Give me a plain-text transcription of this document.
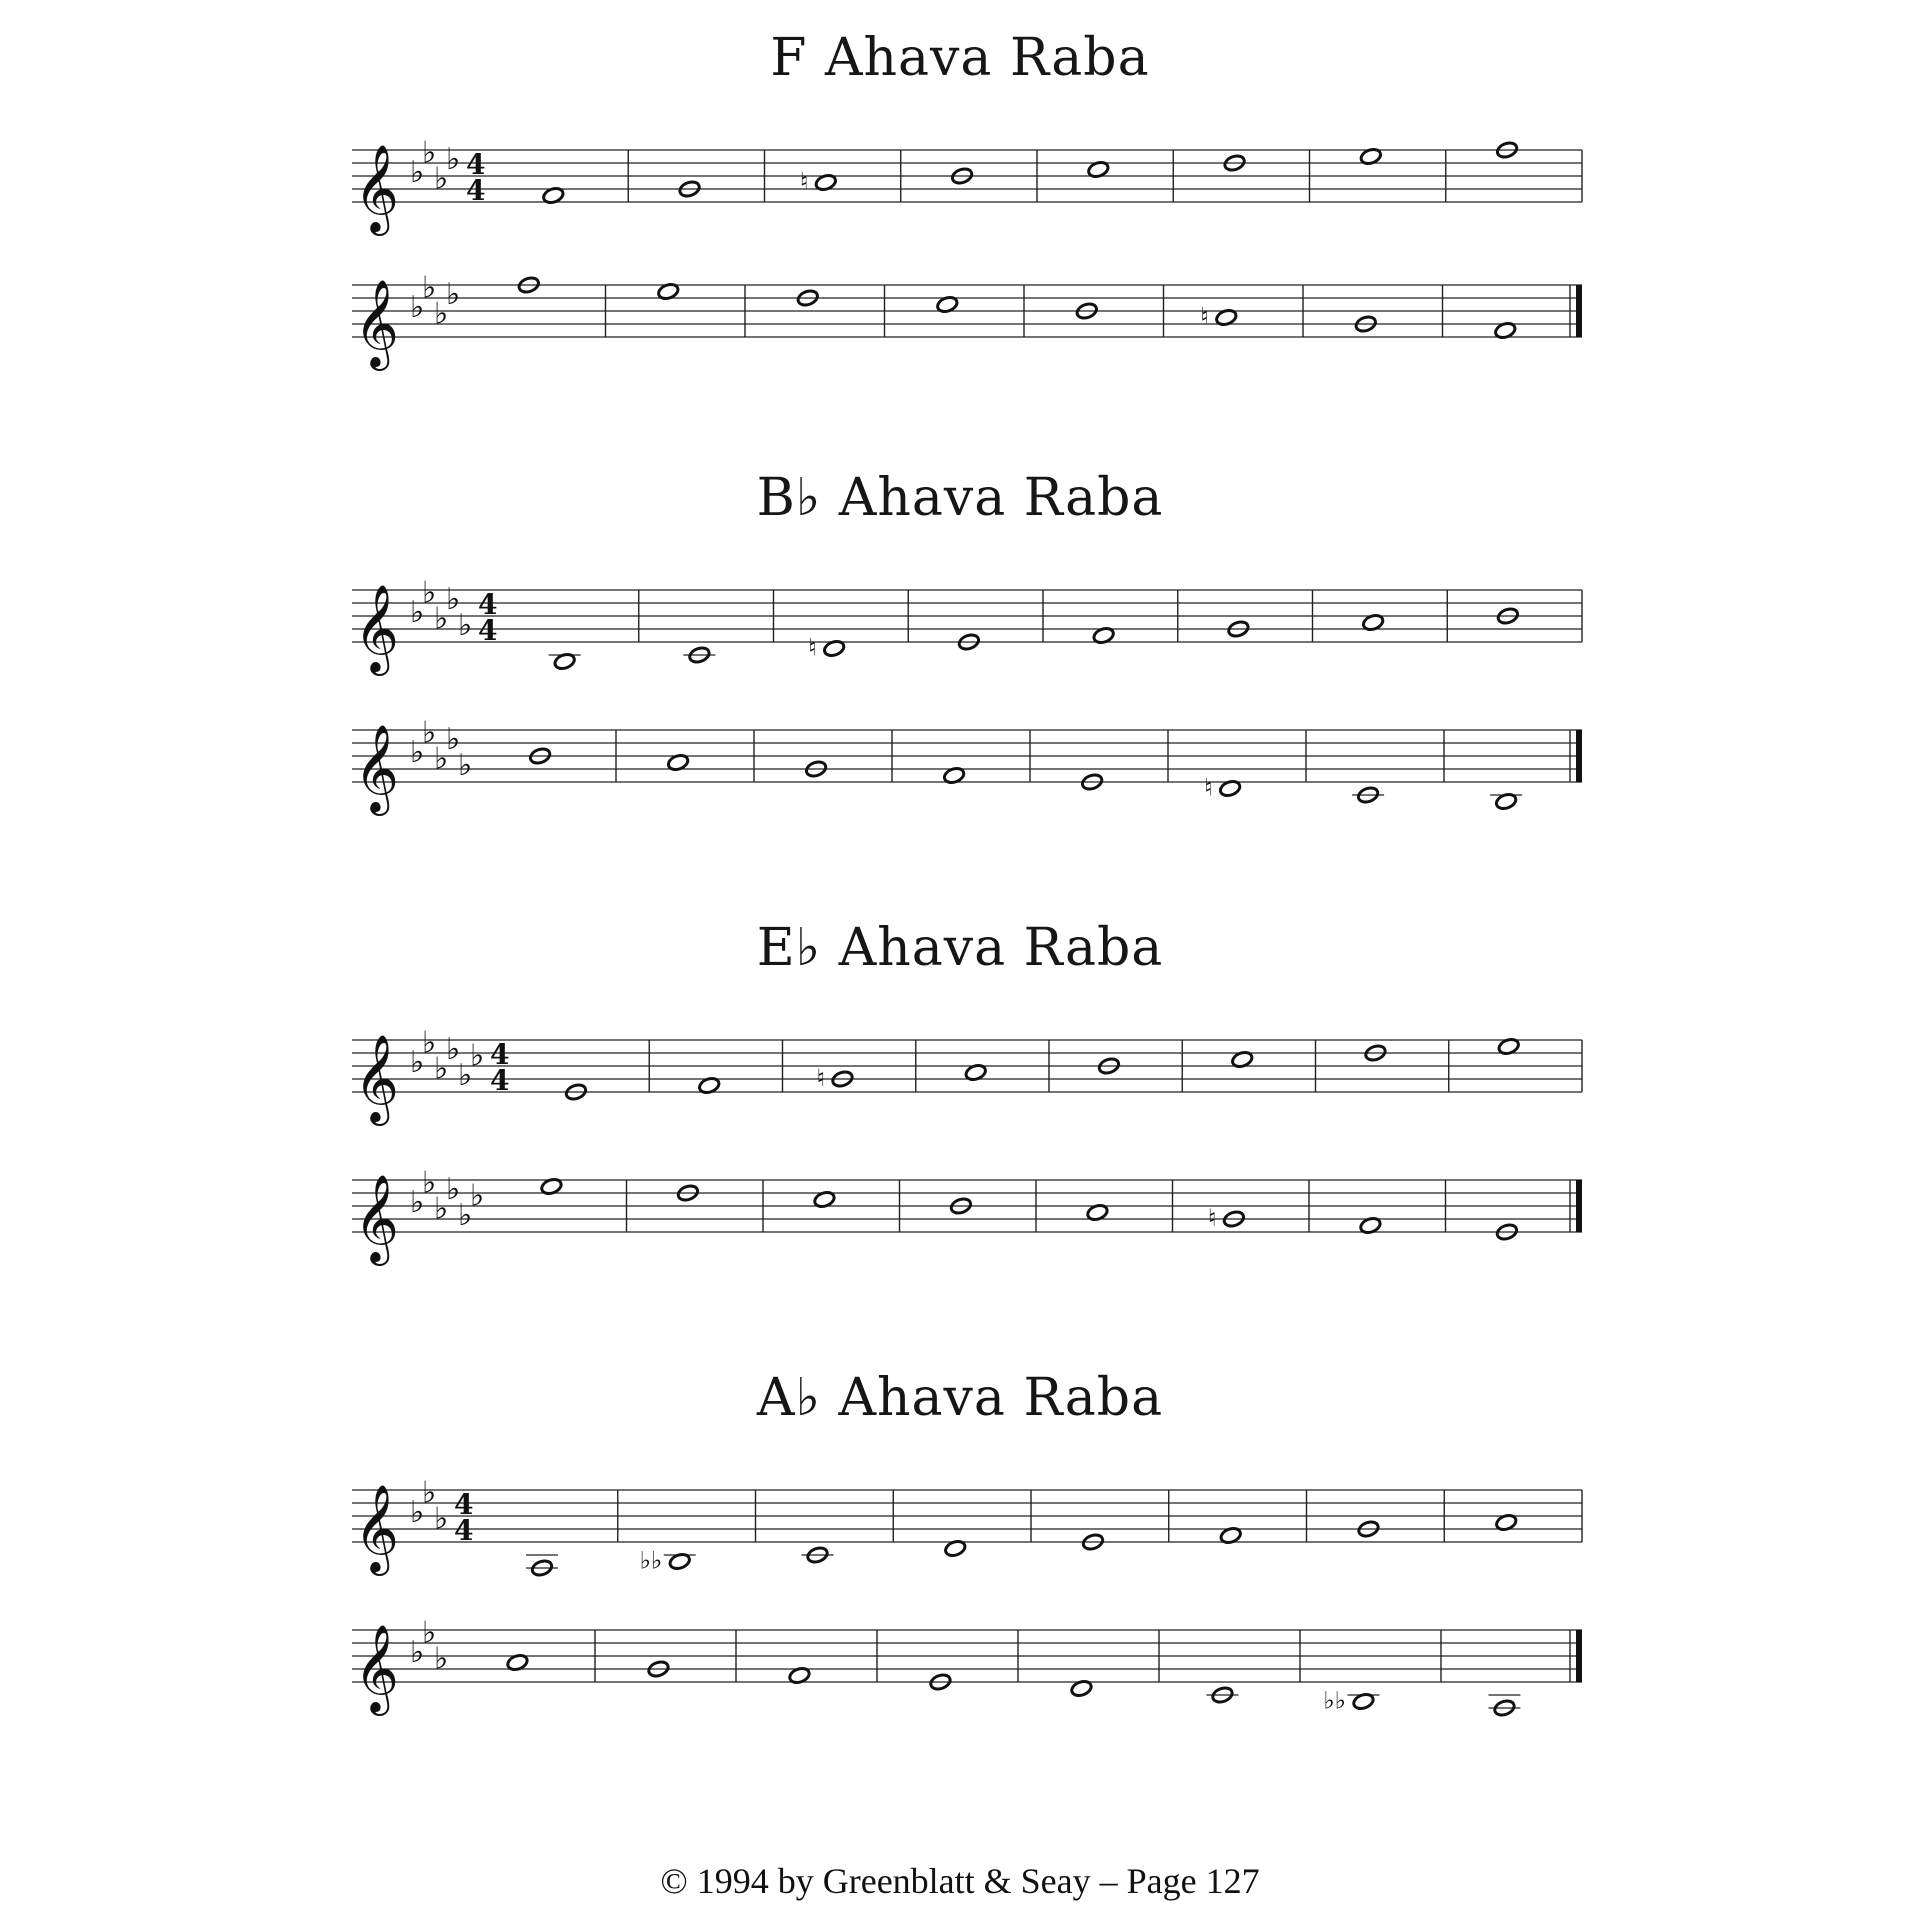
F Ahava Raba
B♭ Ahava Raba
E♭ Ahava Raba
A♭ Ahava Raba
𝄞 ♭
♭
♭
♭ 4
4	♮
𝄞 ♭
♭
♭
♭
♮
𝄞 ♭
♭
♭
♭
♭
4
4
♮
𝄞 ♭
♭
♭
♭
♭
♮
𝄞 ♭
♭
♭
♭
♭
♭ 4
4	♮
𝄞 ♭
♭
♭
♭
♭
♭
♮
𝄞 ♭
♭
♭ 4
4
♭♭
𝄞 ♭
♭
♭
♭♭
© 1994 by Greenblatt & Seay – Page 127
